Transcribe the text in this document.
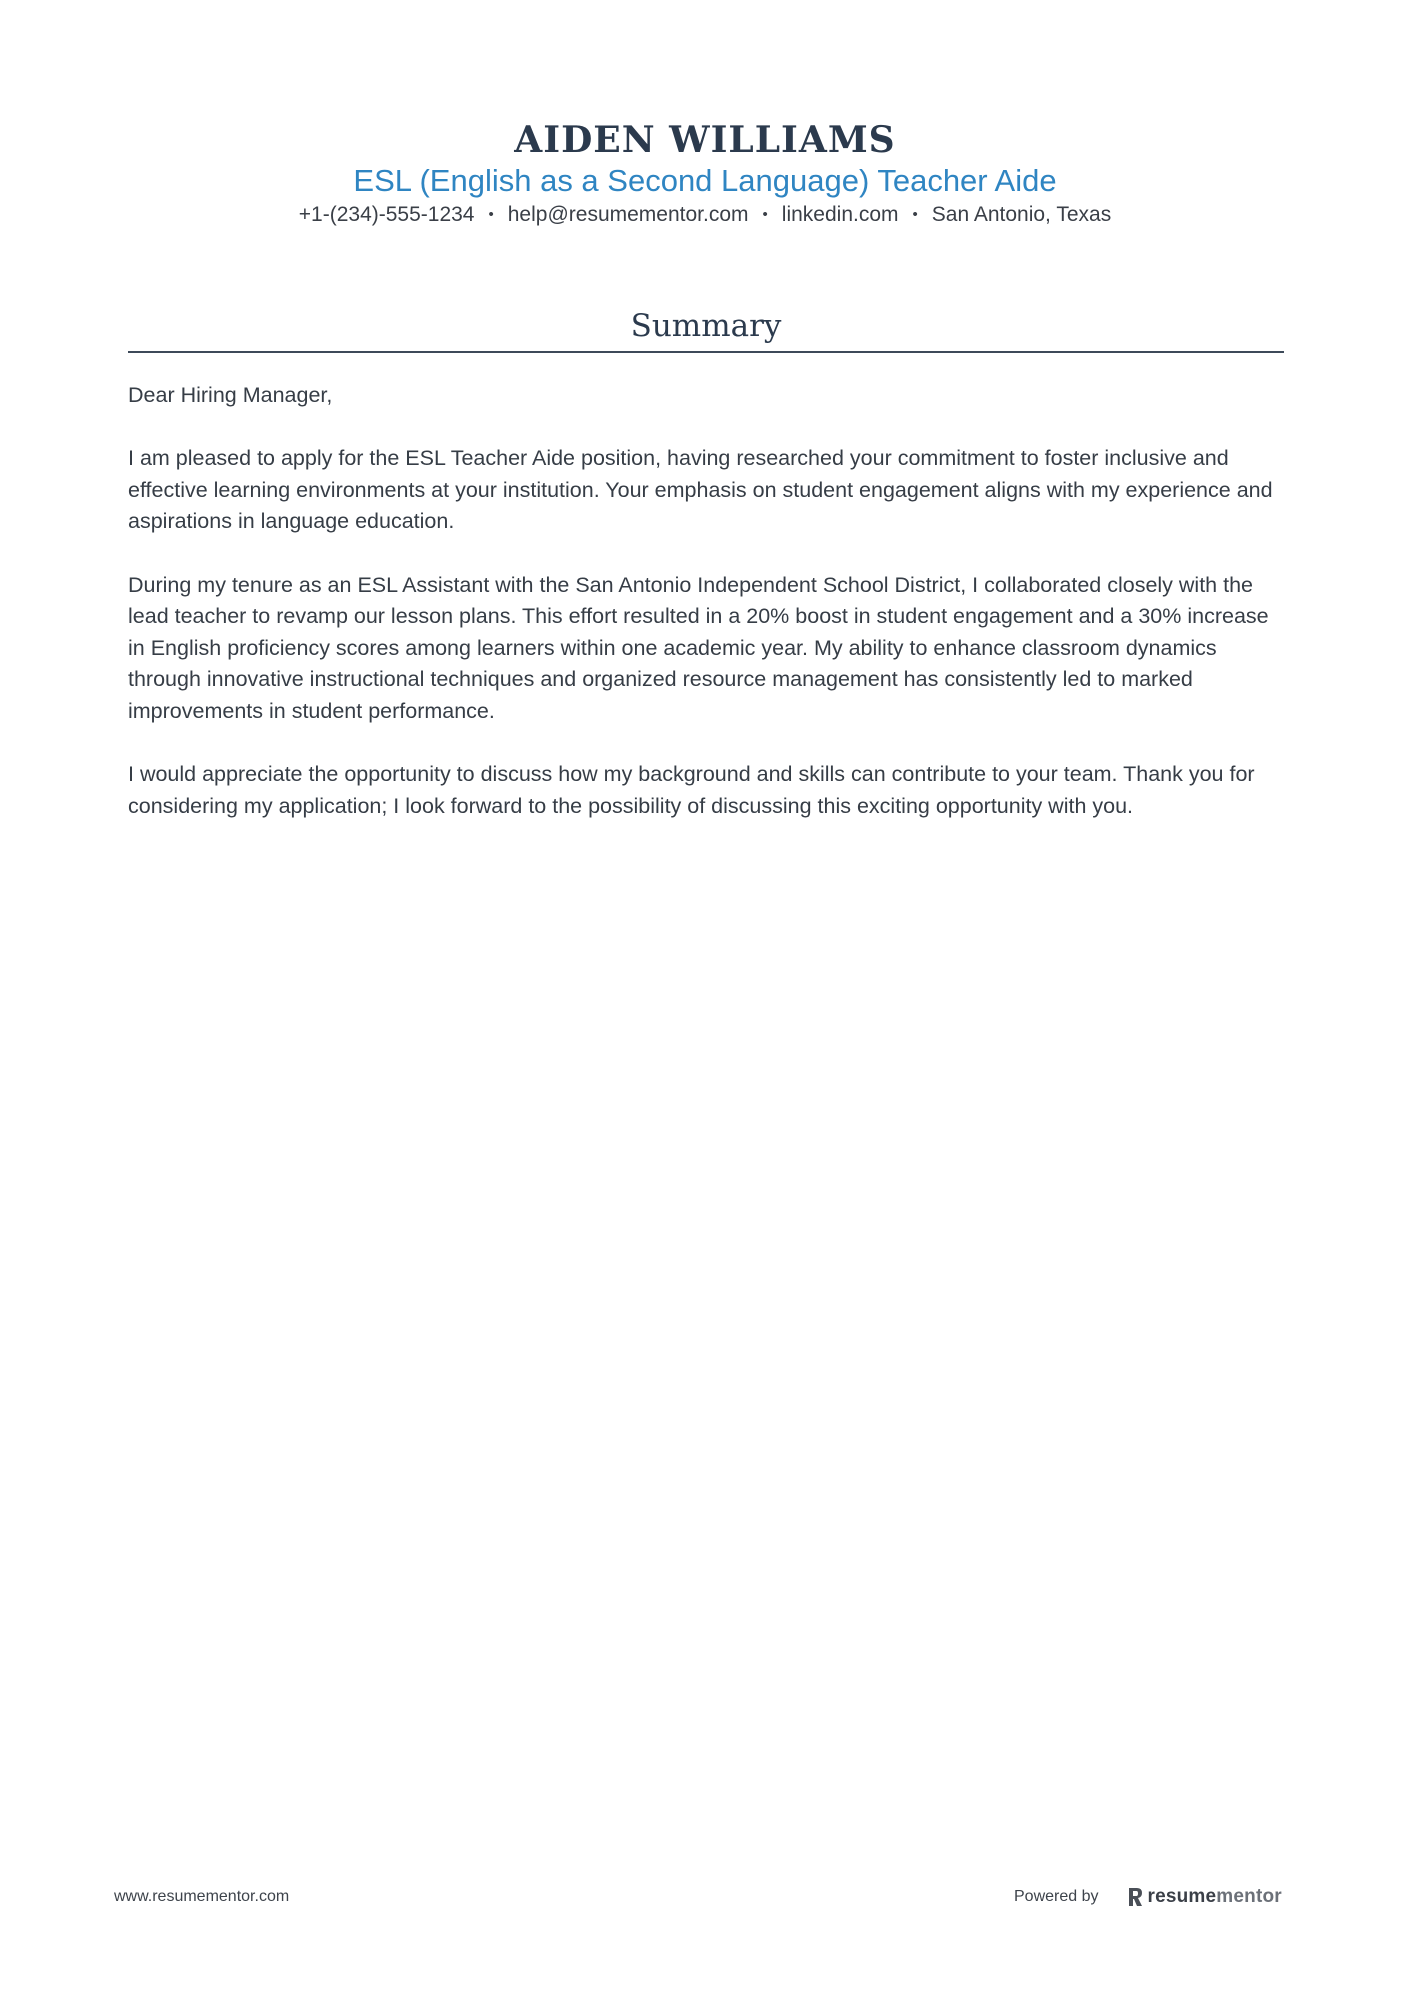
AIDEN WILLIAMS
ESL (English as a Second Language) Teacher Aide
+1-(234)-555-1234 • help@resumementor.com • linkedin.com • San Antonio, Texas
Summary

Dear Hiring Manager,

I am pleased to apply for the ESL Teacher Aide position, having researched your commitment to foster inclusive and effective learning environments at your institution. Your emphasis on student engagement aligns with my experience and aspirations in language education.

During my tenure as an ESL Assistant with the San Antonio Independent School District, I collaborated closely with the lead teacher to revamp our lesson plans. This effort resulted in a 20% boost in student engagement and a 30% increase in English proficiency scores among learners within one academic year. My ability to enhance classroom dynamics through innovative instructional techniques and organized resource management has consistently led to marked improvements in student performance.

I would appreciate the opportunity to discuss how my background and skills can contribute to your team. Thank you for considering my application; I look forward to the possibility of discussing this exciting opportunity with you.

www.resumementor.com	Powered by	resumementor
